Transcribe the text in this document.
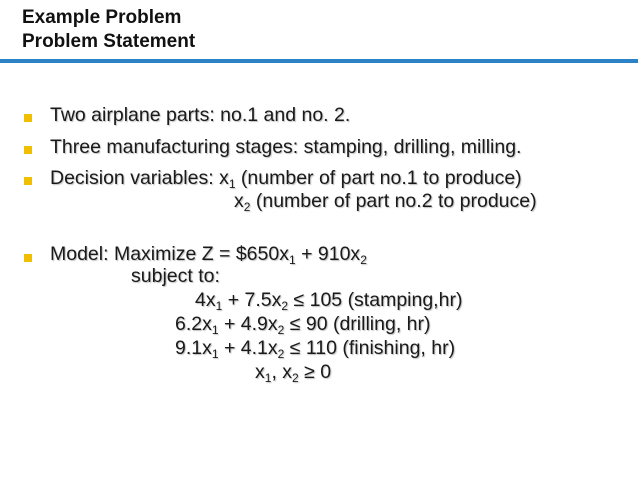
Example Problem
Problem Statement
Two airplane parts: no.1 and no. 2.
Three manufacturing stages: stamping, drilling, milling.
Decision variables: $x_1$ (number of part no.1 to produce)
$x_2$ (number of part no.2 to produce)
Model: Maximize $Z = \$650x_1 + 910x_2$
subject to:
$4x_1 + 7.5x_2 \le 105$ (stamping,hr)
$6.2x_1 + 4.9x_2 \le 90$ (drilling, hr)
$9.1x_1 + 4.1x_2 \le 110$ (finishing, hr)
$x_1$, $x_2 \ge 0$
